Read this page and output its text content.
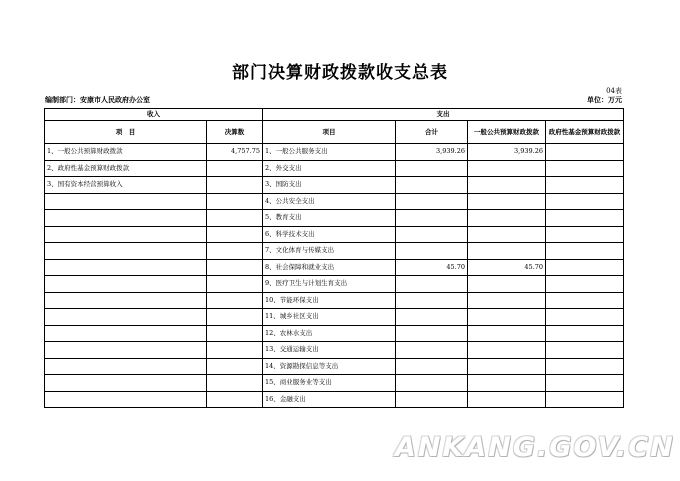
部门决算财政拨款收支总表
04表
编制部门：安康市人民政府办公室	单位：万元
收入		支出			
项　目	决算数	项目	合计	一般公共预算财政拨款	政府性基金预算财政拨款
1、一般公共预算财政拨款	4,757.75	1、一般公共服务支出	3,939.26	3,939.26	
2、政府性基金预算财政拨款		2、外交支出			
3、国有资本经营预算收入		3、国防支出			
		4、公共安全支出			
		5、教育支出			
		6、科学技术支出			
		7、文化体育与传媒支出			
		8、社会保障和就业支出	45.70	45.70	
		9、医疗卫生与计划生育支出			
		10、节能环保支出			
		11、城乡社区支出			
		12、农林水支出			
		13、交通运输支出			
		14、资源勘探信息等支出			
		15、商业服务业等支出			
		16、金融支出			
ANKANG.GOV.CN
